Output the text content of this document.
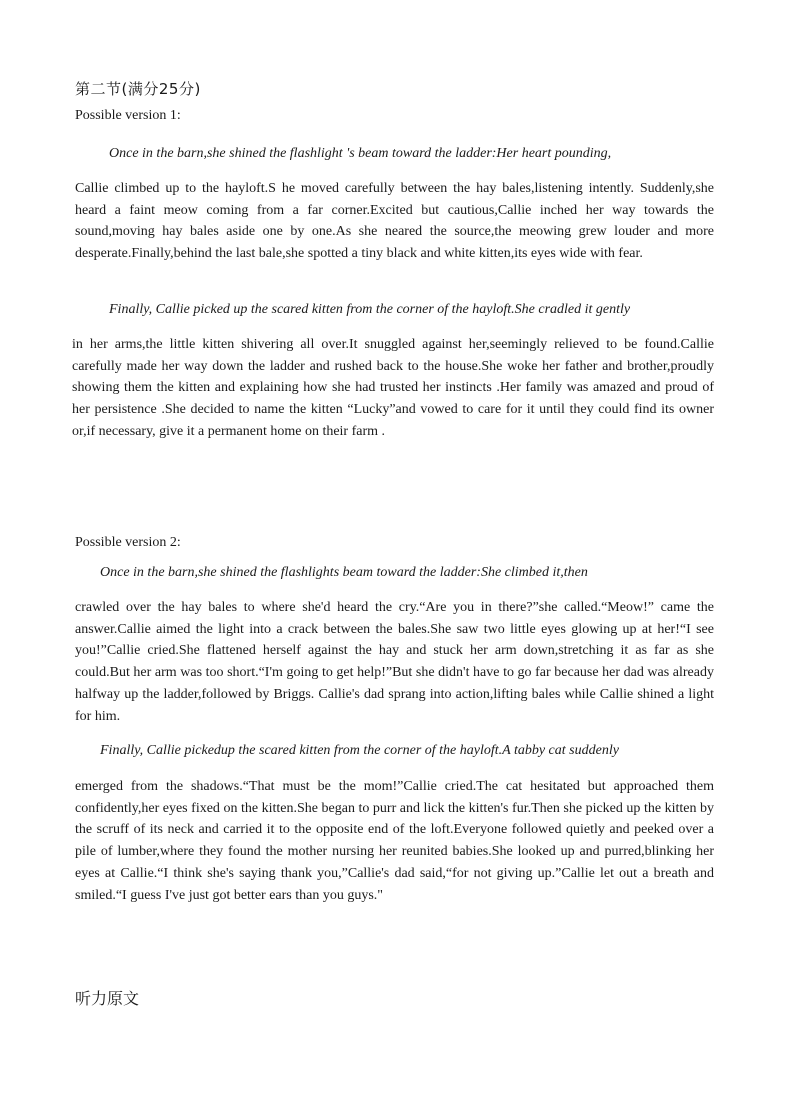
第二节(满分25分)
Possible version 1:
Once in the barn,she shined the flashlight 's beam toward the ladder:Her heart pounding,
Callie climbed up to the hayloft.S he moved carefully between the hay bales,listening intently. Suddenly,she heard a faint meow coming from a far corner.Excited but cautious,Callie inched her way towards the sound,moving hay bales aside one by one.As she neared the source,the meowing grew louder and more desperate.Finally,behind the last bale,she spotted a tiny black and white kitten,its eyes wide with fear.
Finally, Callie picked up the scared kitten from the corner of the hayloft.She cradled it gently
in her arms,the little kitten shivering all over.It snuggled against her,seemingly relieved to be found.Callie carefully made her way down the ladder and rushed back to the house.She woke her father and brother,proudly showing them the kitten and explaining how she had trusted her instincts .Her family was amazed and proud of her persistence .She decided to name the kitten “Lucky”and vowed to care for it until they could find its owner or,if necessary, give it a permanent home on their farm .
Possible version 2:
Once in the barn,she shined the flashlights beam toward the ladder:She climbed it,then
crawled over the hay bales to where she'd heard the cry.“Are you in there?”she called.“Meow!” came the answer.Callie aimed the light into a crack between the bales.She saw two little eyes glowing up at her!“I see you!”Callie cried.She flattened herself against the hay and stuck her arm down,stretching it as far as she could.But her arm was too short.“I'm going to get help!”But she didn't have to go far because her dad was already halfway up the ladder,followed by Briggs. Callie's dad sprang into action,lifting bales while Callie shined a light for him.
Finally, Callie pickedup the scared kitten from the corner of the hayloft.A tabby cat suddenly
emerged from the shadows.“That must be the mom!”Callie cried.The cat hesitated but approached them confidently,her eyes fixed on the kitten.She began to purr and lick the kitten's fur.Then she picked up the kitten by the scruff of its neck and carried it to the opposite end of the loft.Everyone followed quietly and peeked over a pile of lumber,where they found the mother nursing her reunited babies.She looked up and purred,blinking her eyes at Callie.“I think she's saying thank you,”Callie's dad said,“for not giving up.”Callie let out a breath and smiled.“I guess I've just got better ears than you guys."
听力原文
